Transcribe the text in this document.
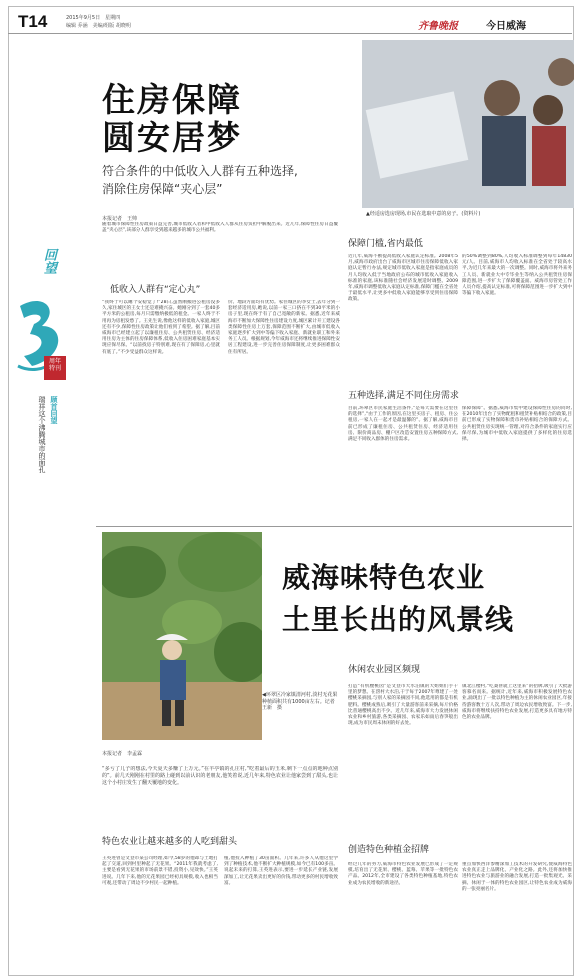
T14	2015年9月5日　星期四
编辑 乔涵　美编/组版 胡晓明	齐鲁晚报	今日威海
回望
周年特刊
顾首回望
瑞祥这个沸腾城市的面孔
住房保障
圆安居梦
符合条件的中低收入人群有五种选择,
消除住房保障“夹心层”
▲经适房选房现场,市民在选取中意的房子。(资料片)
本报记者　王帅
随着城市保障性住房政策日益完善,城市低收入者和中低收入人群从住房负担中解脱出来。近几年,保障性住房日益覆盖“夹心层”,该部分人群享受到越来越多的城市公共福利。
低收入人群有“定心丸”
“我终于可以睡个安稳觉了!”28日,虽然刚搬进公租房没多久,家住城区的王女士还是难掩兴奋。她刚分到了一套40多平方米的公租房,每月只需缴纳极低的租金。一家人终于不用再为房租发愁了。王先生说,像他这样的低收入家庭,城区还有不少,保障性住房政策让他们看到了希望。据了解,目前威海市已经建立起了以廉租住房、公共租赁住房、经济适用住房为主体的住房保障体系,低收入住房困难家庭基本实现应保尽保。“以前找房子特别难,现在有了保障房,心里就有底了。”不少受益群众这样说。
价、地段方面均有优势。家住城区的李女士,去年分到一套经济适用房,她说,以前一家三口挤在不到30平米的小房子里,现在终于有了自己宽敞的新家。据悉,近年来威海市不断加大保障性住房建设力度,城区累计开工建设各类保障性住房上万套,保障范围不断扩大,由城市低收入家庭逐步扩大到中等偏下收入家庭、新就业职工和外来务工人员。根据规划,今年威海市还将继续推进保障性安居工程建设,进一步完善住房保障制度,让更多困难群众住有所居。
保障门槛,省内最低
近几年,威海不断提高低收入家庭认定标准。2008年5月,威海市政府出台了威海市区城市住房保障低收入家庭认定暂行办法,规定城市低收入家庭是指家庭成员的月人均收入低于当地政府公布的城市低收入家庭收入标准的家庭,该标准随社会经济发展适时调整。2009年,威海市调整低收入家庭认定标准,保障门槛在全省处于最低水平,让更多中低收入家庭能够享受到住房保障政策。
的50%调整到80%,人均收入标准调整到每年14830元/人。目前,威海市人均收入标准在全省处于较高水平,为近几年来最大的一次调整。同时,威海市将外来务工人员、新就业大中专毕业生等纳入公共租赁住房保障范围,进一步扩大了保障覆盖面。威海市房管处工作人员介绍,提高认定标准,可将保障范围进一步扩大到中等偏下收入家庭。
五种选择,满足不同住房需求
目前,环翠区市民家庭生活条件,“是每天需要在这里住的选择”,“由于工作的原因,在这里买房子、租房、住公租房,一家人在一起才是最温馨的”。据了解,威海市目前已形成了廉租住房、公共租赁住房、经济适用住房、限价商品房、棚户区改造安置住房五种保障方式,满足不同收入群体的住房需求。
保障保障”。据悉,威海市集中建设保障性住房的同时,在2010年出台了实物配租和租赁补贴相结合的政策,目前已形成了实物保障和货币补贴相结合的保障方式。公共租赁住房实现统一管理,对符合条件的家庭实行应保尽保,为城市中低收入家庭提供了多样化的住房选择。
◀环翠区冷家镇清河村,淡村无花果种植面积共有1000亩左右。记者　王新　摄
威海味特色农业
土里长出的风景线
休闲农业园区频现
打造“有机樱桃园”是文登市大水泊镇的大姐姐们手千里的梦想。在涝村大水泊,干于每于2007年尊建了一处樱桃采摘园,与别人家的采摘园不同,他选用的都是有机肥料。樱桃成熟后,吸引了大量游客前来采摘,每斤价格比普通樱桃高出不少。近几年来,威海市大力发展休闲农业和乡村旅游,各类采摘园、农家乐如雨后春笋般出现,成为市民周末休闲的好去处。
镇北江樱村,“吃桑葚就上这里来”的招牌,吸引了大批游客慕名而来。据统计,近年来,威海市积极发展特色农业,涌现出了一批以特色种植为主的休闲农业园区,年接待游客数十万人次,带动了周边农民增收致富。下一步,威海市将继续扶持特色农业发展,打造更多具有地方特色的农业品牌。
本报记者　李孟霖
“多亏了儿子的想法,今天夏天多赚了上万元。”在羊亭镇的孔庄村,“吃着最后的玉米,剩下一点点的地种点别的”。前几天刚刚在村里的路上碰到以前认识的老朋友,他笑着说,近几年来,特色农业让他家尝到了甜头,也让这个小村庄发生了翻天覆地的变化。
特色农业让越来越多的人吃到甜头
王英进曾是文登市某公司经理,如今,58岁的他却与土地打起了交道,回到村里种起了无花果。“2011年我就考虑了,主要是看到无花果的市场前景不错,投资小,见效快。”王英进说。几年下来,他的无花果园已经初具规模,收入也相当可观,还带动了周边不少村民一起种植。
植,他投入种植了30亩面积。几年来,许多人从他这里学到了种植技术,他不断扩大种植规模,如今已有100多亩。说起未来的打算,王英进表示,要进一步延长产业链,发展深加工,让无花果卖出更好的价钱,带动更多的村民增收致富。
创造特色种植金招牌
经过几年的努力,威海市特色农业发展已形成了一定规模,培育出了无花果、樱桃、蓝莓、苹果等一批特色农产品。2012年,全市建设了各类特色种植基地,特色农业成为农民增收的新途径。
重点加快西洋参精深加工技术的开发研究,使威海特色农业真正走上品牌化、产业化之路。此外,还将加快推进特色农业与旅游业的融合发展,打造一批集观光、采摘、休闲于一体的特色农业园区,让特色农业成为威海的一张亮丽名片。
